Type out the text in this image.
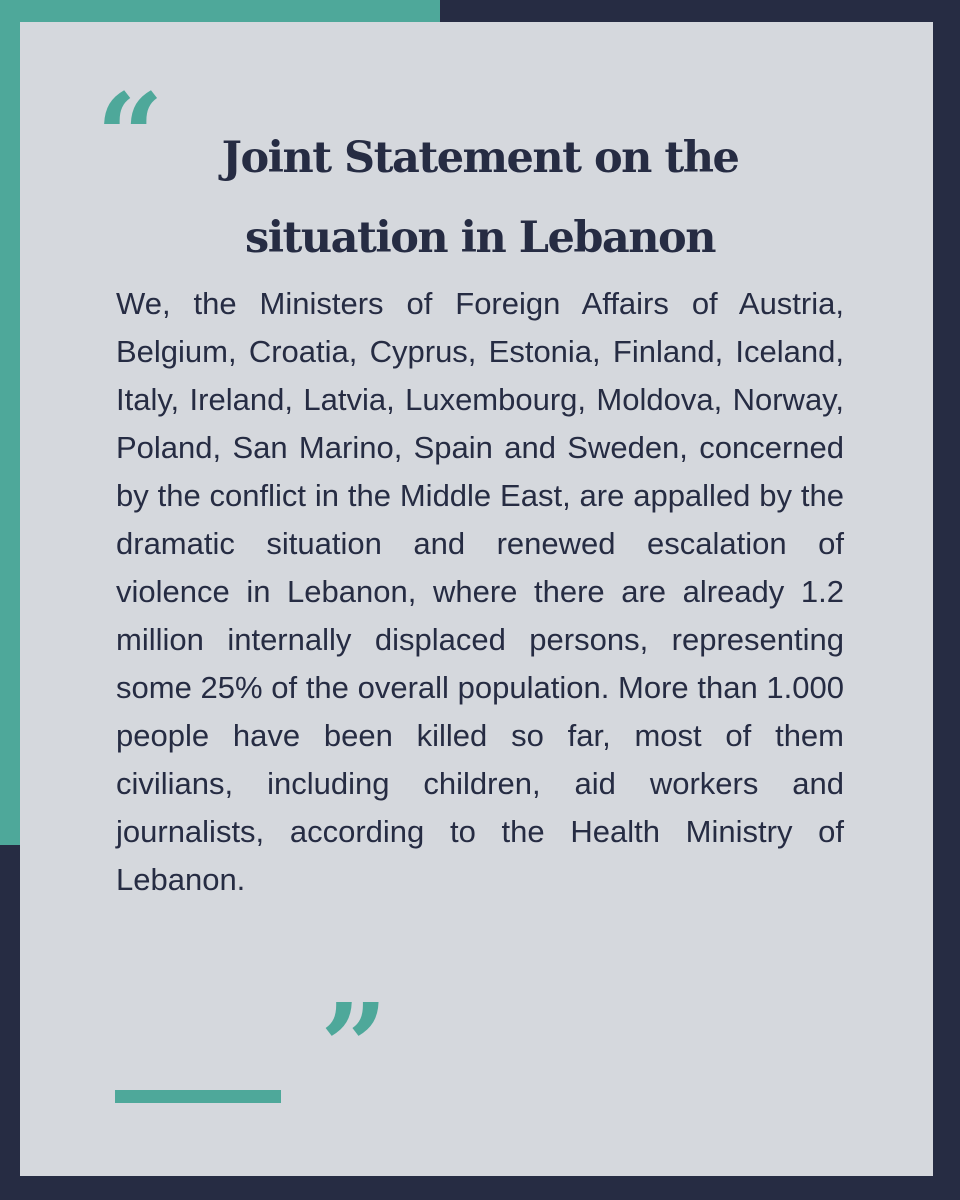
“	Joint Statement on the situation in Lebanon

We, the Ministers of Foreign Affairs of Austria, Belgium, Croatia, Cyprus, Estonia, Finland, Iceland, Italy, Ireland, Latvia, Luxembourg, Moldova, Norway, Poland, San Marino, Spain and Sweden, concerned by the conflict in the Middle East, are appalled by the dramatic situation and renewed escalation of violence in Lebanon, where there are already 1.2 million internally displaced persons, representing some 25% of the overall population. More than 1.000 people have been killed so far, most of them civilians, including children, aid workers and journalists, according to the Health Ministry of Lebanon.

”
